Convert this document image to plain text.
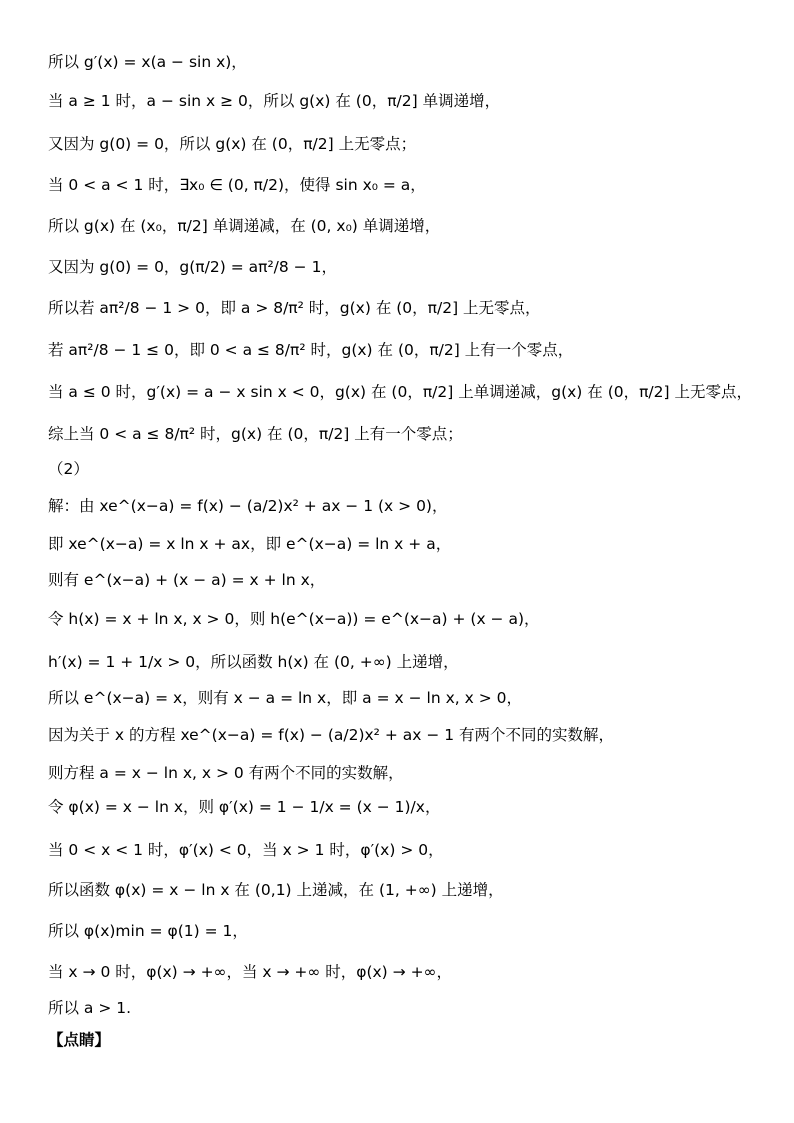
所以 g′(x) = x(a − sin x)，
当 a ≥ 1 时，a − sin x ≥ 0，所以 g(x) 在 (0，π/2] 单调递增，
又因为 g(0) = 0，所以 g(x) 在 (0，π/2] 上无零点；
当 0 < a < 1 时，∃x₀ ∈ (0, π/2)，使得 sin x₀ = a，
所以 g(x) 在 (x₀，π/2] 单调递减，在 (0, x₀) 单调递增，
又因为 g(0) = 0，g(π/2) = aπ²/8 − 1，
所以若 aπ²/8 − 1 > 0，即 a > 8/π² 时，g(x) 在 (0，π/2] 上无零点，
若 aπ²/8 − 1 ≤ 0，即 0 < a ≤ 8/π² 时，g(x) 在 (0，π/2] 上有一个零点，
当 a ≤ 0 时，g′(x) = a − x sin x < 0，g(x) 在 (0，π/2] 上单调递减，g(x) 在 (0，π/2] 上无零点，
综上当 0 < a ≤ 8/π² 时，g(x) 在 (0，π/2] 上有一个零点；
（2）
解：由 xe^(x−a) = f(x) − (a/2)x² + ax − 1 (x > 0)，
即 xe^(x−a) = x ln x + ax，即 e^(x−a) = ln x + a，
则有 e^(x−a) + (x − a) = x + ln x，
令 h(x) = x + ln x, x > 0，则 h(e^(x−a)) = e^(x−a) + (x − a)，
h′(x) = 1 + 1/x > 0，所以函数 h(x) 在 (0, +∞) 上递增，
所以 e^(x−a) = x，则有 x − a = ln x，即 a = x − ln x, x > 0，
因为关于 x 的方程 xe^(x−a) = f(x) − (a/2)x² + ax − 1 有两个不同的实数解，
则方程 a = x − ln x, x > 0 有两个不同的实数解，
令 φ(x) = x − ln x，则 φ′(x) = 1 − 1/x = (x − 1)/x，
当 0 < x < 1 时，φ′(x) < 0，当 x > 1 时，φ′(x) > 0，
所以函数 φ(x) = x − ln x 在 (0,1) 上递减，在 (1, +∞) 上递增，
所以 φ(x)min = φ(1) = 1，
当 x → 0 时，φ(x) → +∞，当 x → +∞ 时，φ(x) → +∞，
所以 a > 1.
【点睛】
